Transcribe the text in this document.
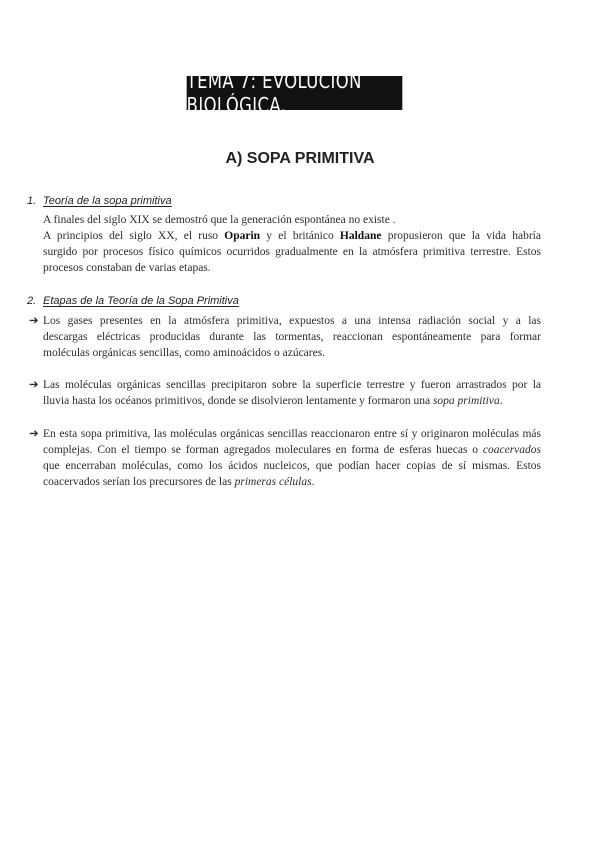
TEMA 7: EVOLUCIÓN BIOLÓGICA.
A) SOPA PRIMITIVA
1. Teoría de la sopa primitiva
A finales del siglo XIX se demostró que la generación espontánea no existe .
A principios del siglo XX, el ruso Oparin y el británico Haldane propusieron que la vida habría
surgido por procesos físico químicos ocurridos gradualmente en la atmósfera primitiva terrestre. Estos
procesos constaban de varias etapas.
2. Etapas de la Teoría de la Sopa Primitiva
➔ Los gases presentes en la atmósfera primitiva, expuestos a una intensa radiación social y a las
descargas eléctricas producidas durante las tormentas, reaccionan espontáneamente para formar
moléculas orgánicas sencillas, como aminoácidos o azúcares.
➔ Las moléculas orgánicas sencillas precipitaron sobre la superficie terrestre y fueron arrastrados por la
lluvia hasta los océanos primitivos, donde se disolvieron lentamente y formaron una sopa primitiva.
➔ En esta sopa primitiva, las moléculas orgánicas sencillas reaccionaron entre sí y originaron moléculas más
complejas. Con el tiempo se forman agregados moleculares en forma de esferas huecas o coacervados
que encerraban moléculas, como los ácidos nucleicos, que podían hacer copias de sí mismas. Estos
coacervados serían los precursores de las primeras células.
